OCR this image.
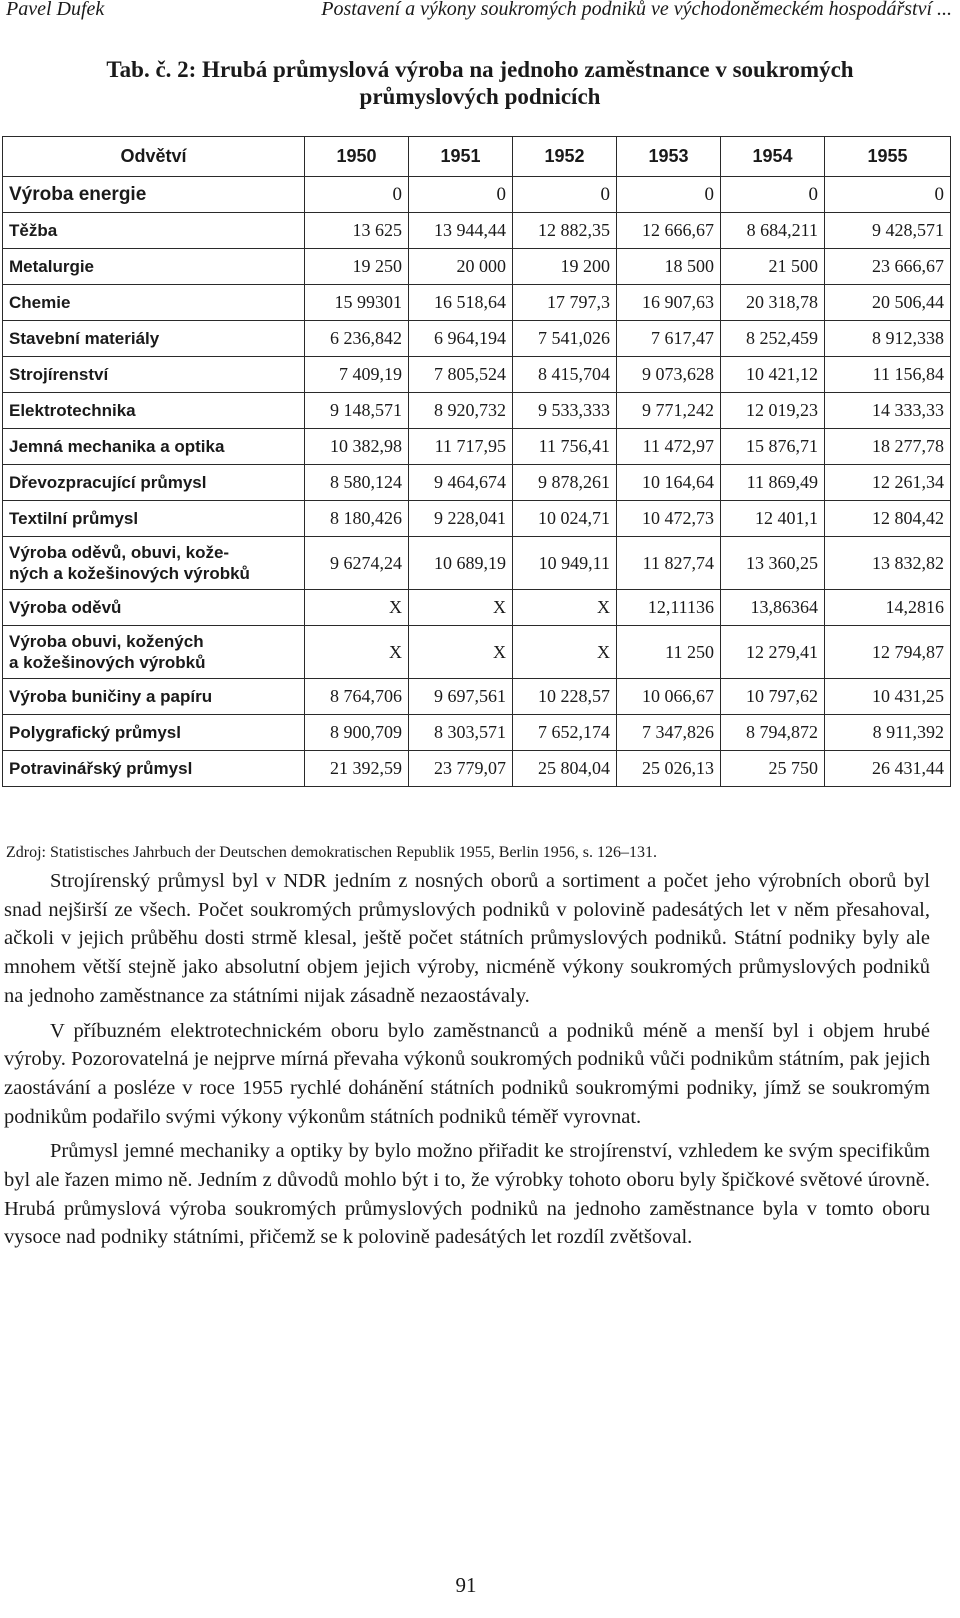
Pavel Dufek	Postavení a výkony soukromých podniků ve východoněmeckém hospodářství ...
Tab. č. 2: Hrubá průmyslová výroba na jednoho zaměstnance v soukromých
průmyslových podnicích
Odvětví	1950	1951	1952	1953	1954	1955
Výroba energie	0	0	0	0	0	0
Těžba	13 625	13 944,44	12 882,35	12 666,67	8 684,211	9 428,571
Metalurgie	19 250	20 000	19 200	18 500	21 500	23 666,67
Chemie	15 99301	16 518,64	17 797,3	16 907,63	20 318,78	20 506,44
Stavební materiály	6 236,842	6 964,194	7 541,026	7 617,47	8 252,459	8 912,338
Strojírenství	7 409,19	7 805,524	8 415,704	9 073,628	10 421,12	11 156,84
Elektrotechnika	9 148,571	8 920,732	9 533,333	9 771,242	12 019,23	14 333,33
Jemná mechanika a optika	10 382,98	11 717,95	11 756,41	11 472,97	15 876,71	18 277,78
Dřevozpracující průmysl	8 580,124	9 464,674	9 878,261	10 164,64	11 869,49	12 261,34
Textilní průmysl	8 180,426	9 228,041	10 024,71	10 472,73	12 401,1	12 804,42

Výroba oděvů, obuvi, kože-
ných a kožešinových výrobků	9 6274,24	10 689,19	10 949,11	11 827,74	13 360,25	13 832,82
Výroba oděvů	X	X	X	12,11136	13,86364	14,2816

Výroba obuvi, kožených
a kožešinových výrobků	X	X	X	11 250	12 279,41	12 794,87
Výroba buničiny a papíru	8 764,706	9 697,561	10 228,57	10 066,67	10 797,62	10 431,25
Polygrafický průmysl	8 900,709	8 303,571	7 652,174	7 347,826	8 794,872	8 911,392
Potravinářský průmysl	21 392,59	23 779,07	25 804,04	25 026,13	25 750	26 431,44
Zdroj: Statistisches Jahrbuch der Deutschen demokratischen Republik 1955, Berlin 1956, s. 126–131.

Strojírenský průmysl byl v NDR jedním z nosných oborů a sortiment a počet jeho výrobních oborů byl snad nejširší ze všech. Počet soukromých průmyslových podniků v polovině padesátých let v něm přesahoval, ačkoli v jejich průběhu dosti strmě klesal, ještě počet státních průmyslových podniků. Státní podniky byly ale mnohem větší stejně jako absolutní objem jejich výroby, nicméně výkony soukromých průmyslových podniků na jednoho zaměstnance za státními nijak zásadně nezaostávaly.

V příbuzném elektrotechnickém oboru bylo zaměstnanců a podniků méně a menší byl i objem hrubé výroby. Pozorovatelná je nejprve mírná převaha výkonů soukromých podniků vůči podnikům státním, pak jejich zaostávání a posléze v roce 1955 rychlé dohánění státních podniků soukromými podniky, jímž se soukromým podnikům podařilo svými výkony výkonům státních podniků téměř vyrovnat.

Průmysl jemné mechaniky a optiky by bylo možno přiřadit ke strojírenství, vzhledem ke svým specifikům byl ale řazen mimo ně. Jedním z důvodů mohlo být i to, že výrobky tohoto oboru byly špičkové světové úrovně. Hrubá průmyslová výroba soukromých průmyslových podniků na jednoho zaměstnance byla v tomto oboru vysoce nad podniky státními, přičemž se k polovině padesátých let rozdíl zvětšoval.

91
